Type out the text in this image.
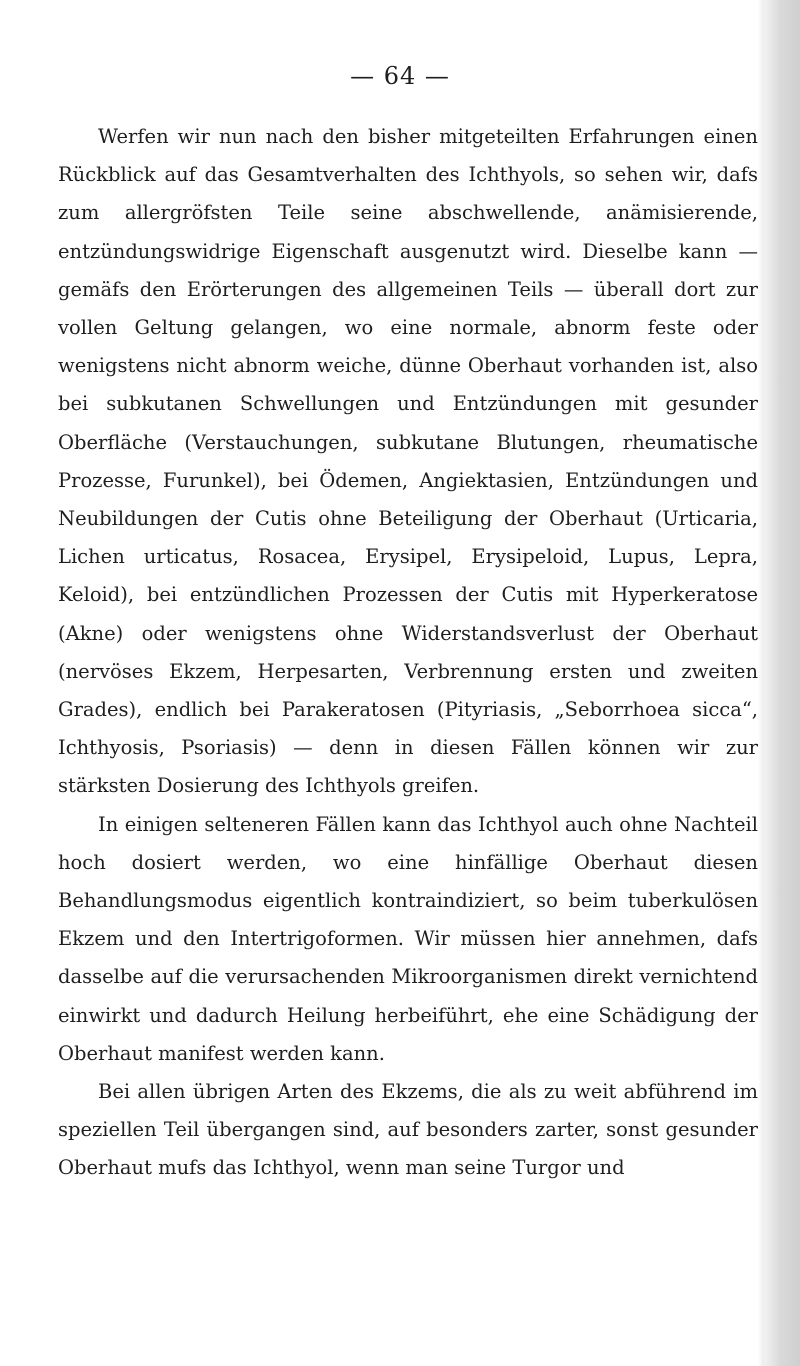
— 64 —

Werfen wir nun nach den bisher mitgeteilten Erfahrungen einen Rückblick auf das Gesamtverhalten des Ichthyols, so sehen wir, dafs zum allergröfsten Teile seine abschwellende, anämisierende, entzündungswidrige Eigenschaft ausgenutzt wird. Dieselbe kann — gemäfs den Erörterungen des allgemeinen Teils — überall dort zur vollen Geltung gelangen, wo eine normale, abnorm feste oder wenigstens nicht abnorm weiche, dünne Oberhaut vorhanden ist, also bei subkutanen Schwellungen und Entzündungen mit gesunder Oberfläche (Verstauchungen, subkutane Blutungen, rheumatische Prozesse, Furunkel), bei Ödemen, Angiektasien, Entzündungen und Neubildungen der Cutis ohne Beteiligung der Oberhaut (Urticaria, Lichen urticatus, Rosacea, Erysipel, Erysipeloid, Lupus, Lepra, Keloid), bei entzündlichen Prozessen der Cutis mit Hyperkeratose (Akne) oder wenigstens ohne Widerstandsverlust der Oberhaut (nervöses Ekzem, Herpesarten, Verbrennung ersten und zweiten Grades), endlich bei Parakeratosen (Pityriasis, „Seborrhoea sicca“, Ichthyosis, Psoriasis) — denn in diesen Fällen können wir zur stärksten Dosierung des Ichthyols greifen.

In einigen selteneren Fällen kann das Ichthyol auch ohne Nachteil hoch dosiert werden, wo eine hinfällige Oberhaut diesen Behandlungsmodus eigentlich kontraindiziert, so beim tuberkulösen Ekzem und den Intertrigoformen. Wir müssen hier annehmen, dafs dasselbe auf die verursachenden Mikroorganismen direkt vernichtend einwirkt und dadurch Heilung herbeiführt, ehe eine Schädigung der Oberhaut manifest werden kann.

Bei allen übrigen Arten des Ekzems, die als zu weit abführend im speziellen Teil übergangen sind, auf besonders zarter, sonst gesunder Oberhaut mufs das Ichthyol, wenn man seine Turgor und
